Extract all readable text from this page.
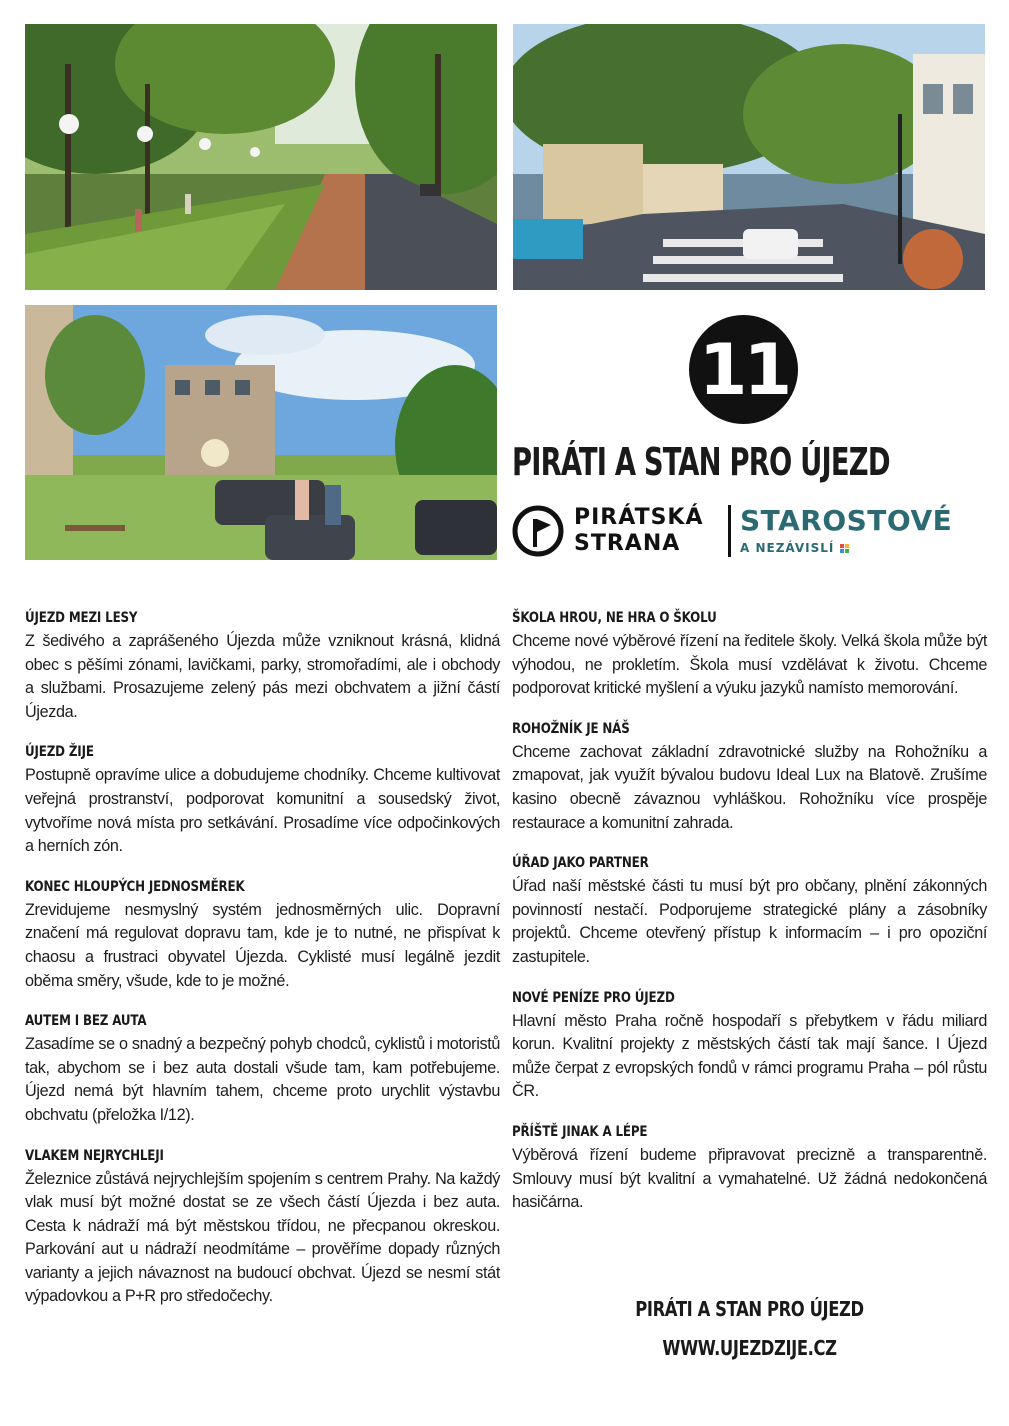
11
PIRÁTI A STAN PRO ÚJEZD
PIRÁTSKÁ
STRANA
STAROSTOVÉ
A NEZÁVISLÍ
ÚJEZD MEZI LESY

Z šedivého a zaprášeného Újezda může vzniknout krásná, klidná obec s pěšími zónami, lavičkami, parky, stromořadími, ale i obchody a službami. Prosazujeme zelený pás mezi obchvatem a jižní částí Újezda.

ÚJEZD ŽIJE

Postupně opravíme ulice a dobudujeme chodníky. Chceme kultivovat veřejná prostranství, podporovat komunitní a sousedský život, vytvoříme nová místa pro setkávání. Prosadíme více odpočinkových a herních zón.

KONEC HLOUPÝCH JEDNOSMĚREK

Zrevidujeme nesmyslný systém jednosměrných ulic. Dopravní značení má regulovat dopravu tam, kde je to nutné, ne přispívat k chaosu a frustraci obyvatel Újezda. Cyklisté musí legálně jezdit oběma směry, všude, kde to je možné.

AUTEM I BEZ AUTA

Zasadíme se o snadný a bezpečný pohyb chodců, cyklistů i motoristů tak, abychom se i bez auta dostali všude tam, kam potřebujeme. Újezd nemá být hlavním tahem, chceme proto urychlit výstavbu obchvatu (přeložka I/12).

VLAKEM NEJRYCHLEJI

Železnice zůstává nejrychlejším spojením s centrem Prahy. Na každý vlak musí být možné dostat se ze všech částí Újezda i bez auta. Cesta k nádraží má být městskou třídou, ne přecpanou okreskou. Parkování aut u nádraží neodmítáme – prověříme dopady různých varianty a jejich návaznost na budoucí obchvat. Újezd se nesmí stát výpadovkou a P+R pro středočechy.

ŠKOLA HROU, NE HRA O ŠKOLU

Chceme nové výběrové řízení na ředitele školy. Velká škola může být výhodou, ne prokletím. Škola musí vzdělávat k životu. Chceme podporovat kritické myšlení a výuku jazyků namísto memorování.

ROHOŽNÍK JE NÁŠ

Chceme zachovat základní zdravotnické služby na Rohožníku a zmapovat, jak využít bývalou budovu Ideal Lux na Blatově. Zrušíme kasino obecně závaznou vyhláškou. Rohožníku více prospěje restaurace a komunitní zahrada.

ÚŘAD JAKO PARTNER

Úřad naší městské části tu musí být pro občany, plnění zákonných povinností nestačí. Podporujeme strategické plány a zásobníky projektů. Chceme otevřený přístup k informacím – i pro opoziční zastupitele.

NOVÉ PENÍZE PRO ÚJEZD

Hlavní město Praha ročně hospodaří s přebytkem v řádu miliard korun. Kvalitní projekty z městských částí tak mají šance. I Újezd může čerpat z evropských fondů v rámci programu Praha – pól růstu ČR.

PŘÍŠTĚ JINAK A LÉPE

Výběrová řízení budeme připravovat precizně a transparentně. Smlouvy musí být kvalitní a vymahatelné. Už žádná nedokončená hasičárna.

PIRÁTI A STAN PRO ÚJEZD
WWW.UJEZDZIJE.CZ
